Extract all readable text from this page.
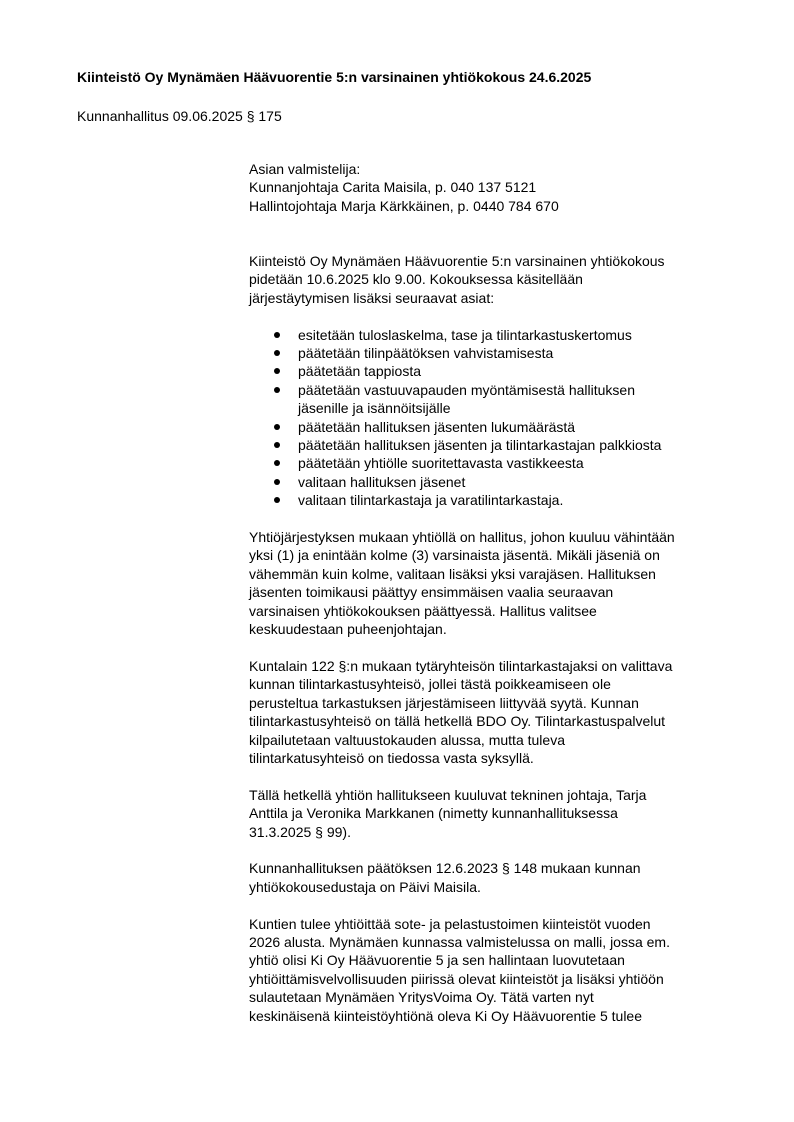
Kiinteistö Oy Mynämäen Häävuorentie 5:n varsinainen yhtiökokous 24.6.2025
Kunnanhallitus 09.06.2025 § 175
Asian valmistelija:
Kunnanjohtaja Carita Maisila, p. 040 137 5121
Hallintojohtaja Marja Kärkkäinen, p. 0440 784 670
Kiinteistö Oy Mynämäen Häävuorentie 5:n varsinainen yhtiökokous
pidetään 10.6.2025 klo 9.00. Kokouksessa käsitellään
järjestäytymisen lisäksi seuraavat asiat:
esitetään tuloslaskelma, tase ja tilintarkastuskertomus
päätetään tilinpäätöksen vahvistamisesta
päätetään tappiosta
päätetään vastuuvapauden myöntämisestä hallituksen
jäsenille ja isännöitsijälle
päätetään hallituksen jäsenten lukumäärästä
päätetään hallituksen jäsenten ja tilintarkastajan palkkiosta
päätetään yhtiölle suoritettavasta vastikkeesta
valitaan hallituksen jäsenet
valitaan tilintarkastaja ja varatilintarkastaja.
Yhtiöjärjestyksen mukaan yhtiöllä on hallitus, johon kuuluu vähintään
yksi (1) ja enintään kolme (3) varsinaista jäsentä. Mikäli jäseniä on
vähemmän kuin kolme, valitaan lisäksi yksi varajäsen. Hallituksen
jäsenten toimikausi päättyy ensimmäisen vaalia seuraavan
varsinaisen yhtiökokouksen päättyessä. Hallitus valitsee
keskuudestaan puheenjohtajan.
Kuntalain 122 §:n mukaan tytäryhteisön tilintarkastajaksi on valittava
kunnan tilintarkastusyhteisö, jollei tästä poikkeamiseen ole
perusteltua tarkastuksen järjestämiseen liittyvää syytä. Kunnan
tilintarkastusyhteisö on tällä hetkellä BDO Oy. Tilintarkastuspalvelut
kilpailutetaan valtuustokauden alussa, mutta tuleva
tilintarkatusyhteisö on tiedossa vasta syksyllä.
Tällä hetkellä yhtiön hallitukseen kuuluvat tekninen johtaja, Tarja
Anttila ja Veronika Markkanen (nimetty kunnanhallituksessa
31.3.2025 § 99).
Kunnanhallituksen päätöksen 12.6.2023 § 148 mukaan kunnan
yhtiökokousedustaja on Päivi Maisila.
Kuntien tulee yhtiöittää sote- ja pelastustoimen kiinteistöt vuoden
2026 alusta. Mynämäen kunnassa valmistelussa on malli, jossa em.
yhtiö olisi Ki Oy Häävuorentie 5 ja sen hallintaan luovutetaan
yhtiöittämisvelvollisuuden piirissä olevat kiinteistöt ja lisäksi yhtiöön
sulautetaan Mynämäen YritysVoima Oy. Tätä varten nyt
keskinäisenä kiinteistöyhtiönä oleva Ki Oy Häävuorentie 5 tulee
